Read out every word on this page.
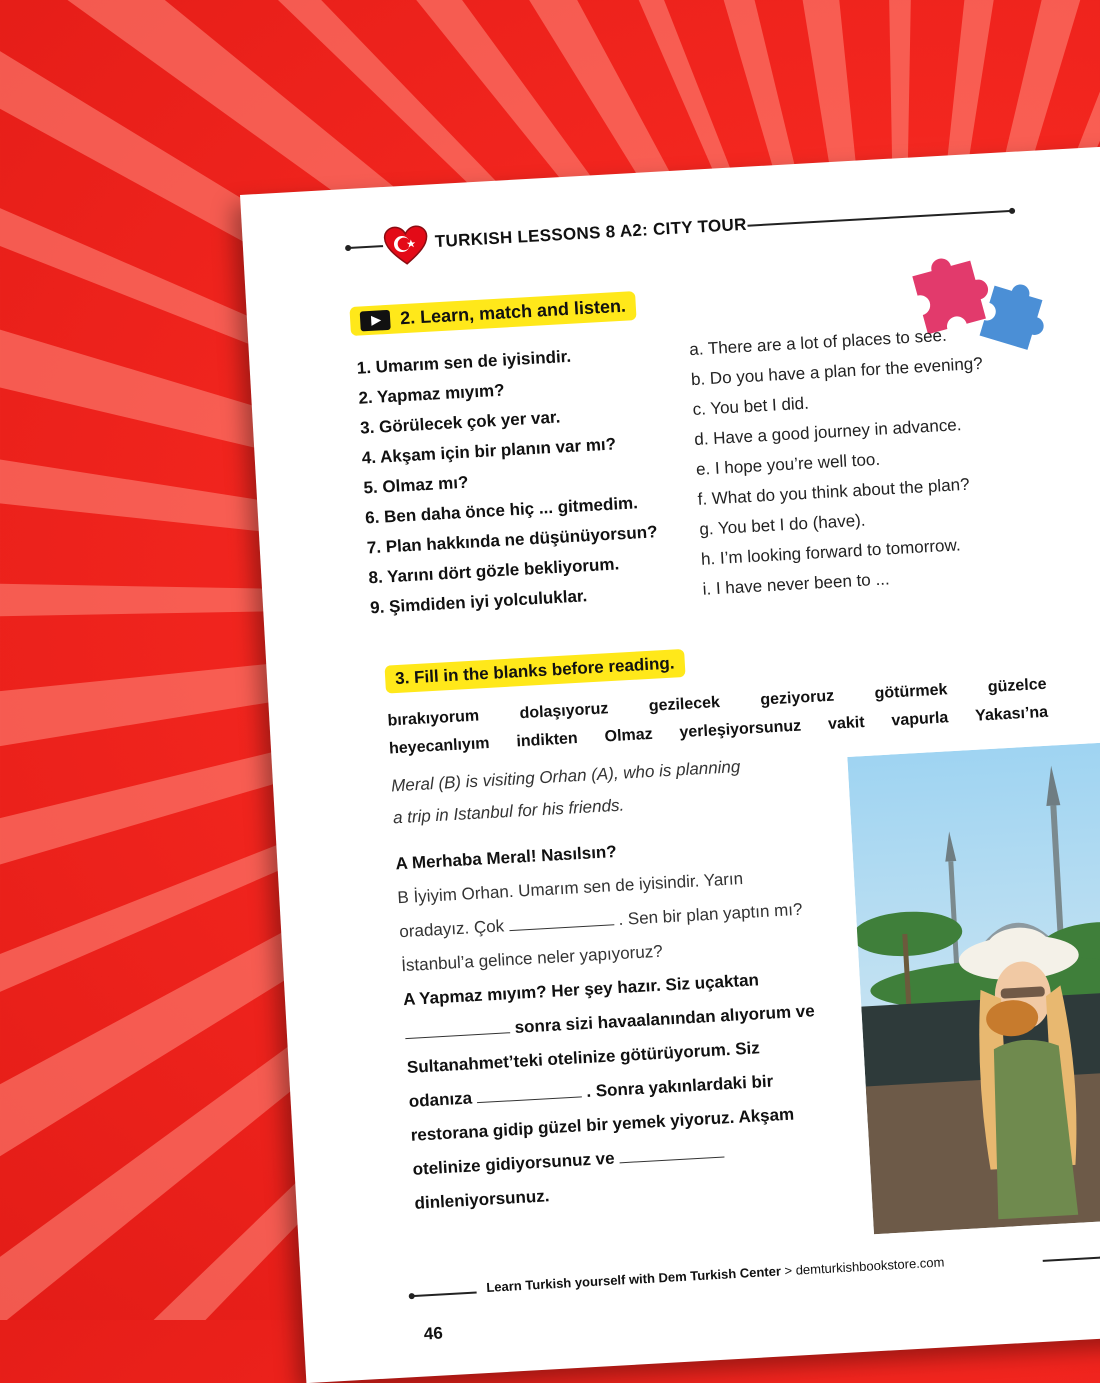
TURKISH LESSONS 8 A2: CITY TOUR
2. Learn, match and listen.
1. Umarım sen de iyisindir.
2. Yapmaz mıyım?
3. Görülecek çok yer var.
4. Akşam için bir planın var mı?
5. Olmaz mı?
6. Ben daha önce hiç ... gitmedim.
7. Plan hakkında ne düşünüyorsun?
8. Yarını dört gözle bekliyorum.
9. Şimdiden iyi yolculuklar.
a. There are a lot of places to see.
b. Do you have a plan for the evening?
c. You bet I did.
d. Have a good journey in advance.
e. I hope you’re well too.
f. What do you think about the plan?
g. You bet I do (have).
h. I’m looking forward to tomorrow.
i. I have never been to ...
3. Fill in the blanks before reading.
bırakıyorum dolaşıyoruz gezilecek geziyoruz götürmek güzelce
heyecanlıyım indikten Olmaz yerleşiyorsunuz vakit vapurla Yakası’na
Meral (B) is visiting Orhan (A), who is planning
a trip in Istanbul for his friends.
A Merhaba Meral! Nasılsın?
B İyiyim Orhan. Umarım sen de iyisindir. Yarın
oradayız. Çok	. Sen bir plan yaptın mı?
İstanbul’a gelince neler yapıyoruz?
A Yapmaz mıyım? Her şey hazır. Siz uçaktan
sonra sizi havaalanından alıyorum ve
Sultanahmet’teki otelinize götürüyorum. Siz
odanıza	. Sonra yakınlardaki bir
restorana gidip güzel bir yemek yiyoruz. Akşam
otelinize gidiyorsunuz ve
dinleniyorsunuz.
Learn Turkish yourself with Dem Turkish Center > demturkishbookstore.com
46
